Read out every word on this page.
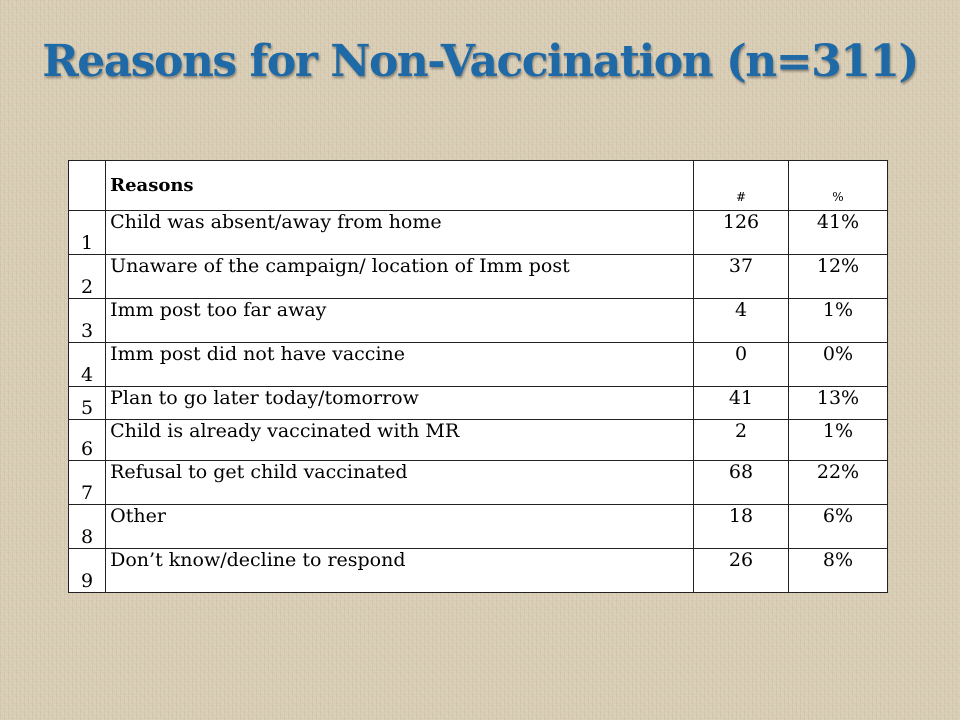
Reasons for Non-Vaccination (n=311)
	Reasons	#	%
1	Child was absent/away from home	126	41%
2	Unaware of the campaign/ location of Imm post	37	12%
3	Imm post too far away	4	1%
4	Imm post did not have vaccine	0	0%
5	Plan to go later today/tomorrow	41	13%
6	Child is already vaccinated with MR	2	1%
7	Refusal to get child vaccinated	68	22%
8	Other	18	6%
9	Don’t know/decline to respond	26	8%
